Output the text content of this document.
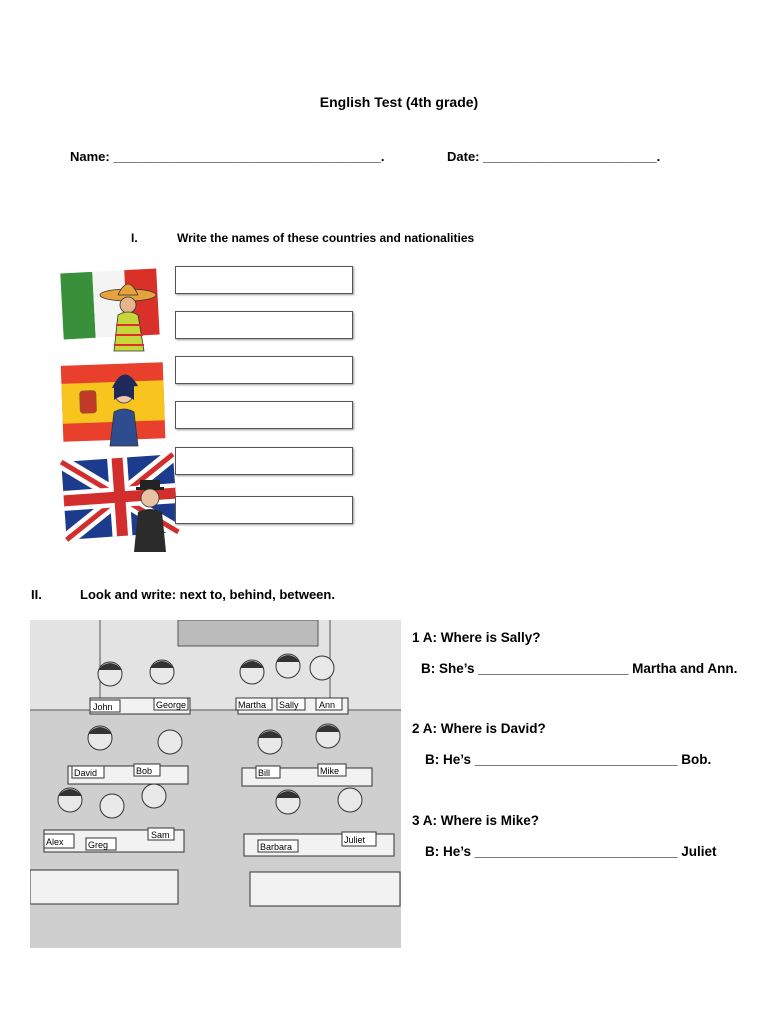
English Test (4th grade)
Name: _____________________________________.	Date: ________________________.
I.	Write the names of these countries and nationalities
II.	Look and write: next to, behind, between.
John	George	Martha Sally Ann
David	Bob	Bill	Mike
Alex	Greg
Sam
Barbara
Juliet
1 A: Where is Sally?
B: She’s ____________________ Martha and Ann.
2 A: Where is David?
B: He’s ___________________________ Bob.
3 A: Where is Mike?
B: He’s ___________________________ Juliet
